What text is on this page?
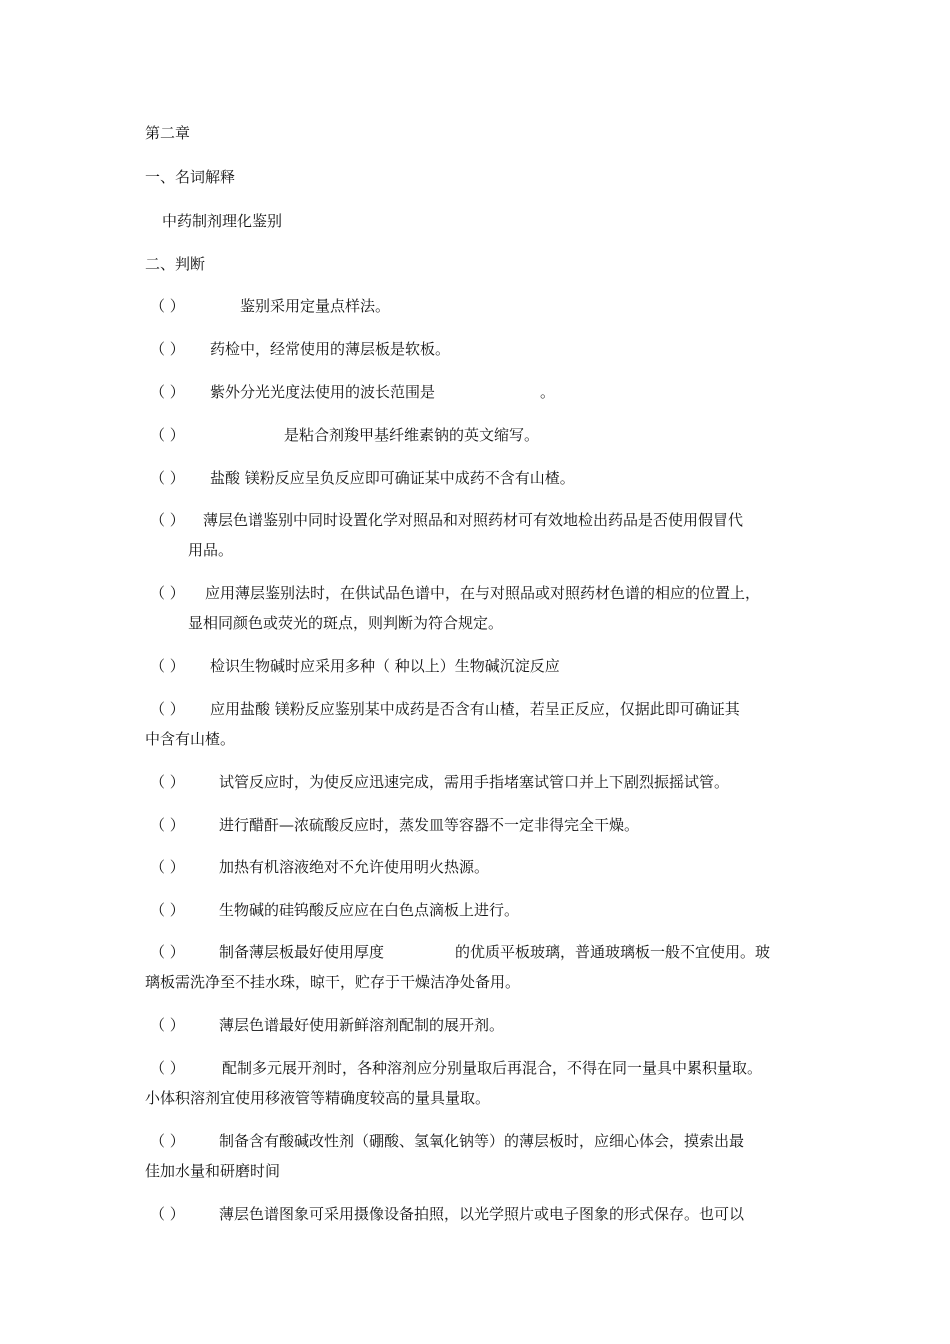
第二章
一、名词解释
中药制剂理化鉴别
二、判断
（ ）	鉴别采用定量点样法。
（ ） 药检中，经常使用的薄层板是软板。
（ ） 紫外分光光度法使用的波长范围是	。
（ ）	是粘合剂羧甲基纤维素钠的英文缩写。
（ ） 盐酸 镁粉反应呈负反应即可确证某中成药不含有山楂。
（ ） 薄层色谱鉴别中同时设置化学对照品和对照药材可有效地检出药品是否使用假冒代
用品。
（ ） 应用薄层鉴别法时，在供试品色谱中，在与对照品或对照药材色谱的相应的位置上，
显相同颜色或荧光的斑点，则判断为符合规定。
（ ） 检识生物碱时应采用多种（ 种以上）生物碱沉淀反应
（ ） 应用盐酸 镁粉反应鉴别某中成药是否含有山楂，若呈正反应，仅据此即可确证其
中含有山楂。
（ ） 试管反应时，为使反应迅速完成，需用手指堵塞试管口并上下剧烈振摇试管。
（ ） 进行醋酐—浓硫酸反应时，蒸发皿等容器不一定非得完全干燥。
（ ） 加热有机溶液绝对不允许使用明火热源。
（ ） 生物碱的硅钨酸反应应在白色点滴板上进行。
（ ） 制备薄层板最好使用厚度	的优质平板玻璃，普通玻璃板一般不宜使用。玻
璃板需洗净至不挂水珠，晾干，贮存于干燥洁净处备用。
（ ） 薄层色谱最好使用新鲜溶剂配制的展开剂。
（ ） 配制多元展开剂时，各种溶剂应分别量取后再混合，不得在同一量具中累积量取。
小体积溶剂宜使用移液管等精确度较高的量具量取。
（ ） 制备含有酸碱改性剂（硼酸、氢氧化钠等）的薄层板时，应细心体会，摸索出最
佳加水量和研磨时间
（ ） 薄层色谱图象可采用摄像设备拍照，以光学照片或电子图象的形式保存。也可以
